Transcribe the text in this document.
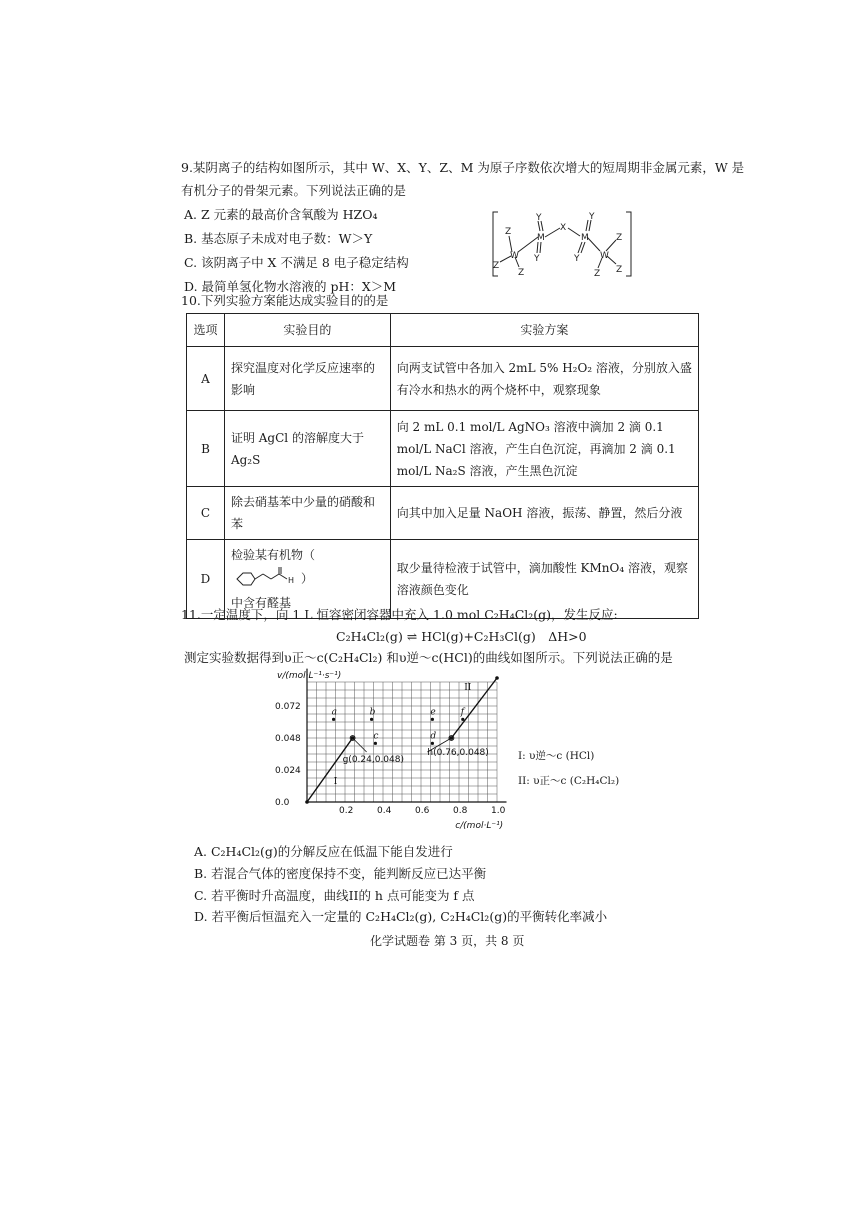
9.某阴离子的结构如图所示，其中 W、X、Y、Z、M 为原子序数依次增大的短周期非金属元素，W 是
有机分子的骨架元素。下列说法正确的是
A. Z 元素的最高价含氧酸为 HZO₄
B. 基态原子未成对电子数：W＞Y
C. 该阴离子中 X 不满足 8 电子稳定结构
D. 最简单氢化物水溶液的 pH：X＞M
W
M
X
M
W
Y
Y
Y
Y
Z
Z
Z
Z
Z
Z
10.下列实验方案能达成实验目的的是
选项	实验目的	实验方案
A	探究温度对化学反应速率的影响	向两支试管中各加入 2mL 5% H₂O₂ 溶液，分别放入盛有冷水和热水的两个烧杯中，观察现象
B	证明 AgCl 的溶解度大于 Ag₂S	向 2 mL 0.1 mol/L AgNO₃ 溶液中滴加 2 滴 0.1 mol/L NaCl 溶液，产生白色沉淀，再滴加 2 滴 0.1 mol/L Na₂S 溶液，产生黑色沉淀
C	除去硝基苯中少量的硝酸和苯	向其中加入足量 NaOH 溶液，振荡、静置，然后分液
D	检验某有机物（
H ）
中含有醛基	取少量待检液于试管中，滴加酸性 KMnO₄ 溶液，观察溶液颜色变化
11.一定温度下，向 1 L 恒容密闭容器中充入 1.0 mol C₂H₄Cl₂(g)，发生反应:
C₂H₄Cl₂(g) ⇌ HCl(g)+C₂H₃Cl(g)　ΔH>0
测定实验数据得到υ正～c(C₂H₄Cl₂) 和υ逆～c(HCl)的曲线如图所示。下列说法正确的是
0.2	0.4	0.6	0.8	1.0
0.0
0.024
0.048
0.072
v/(mol·L⁻¹·s⁻¹)
c/(mol·L⁻¹)
I
II
a	b
c	d
e	f
g(0.24,0.048)
h(0.76,0.048)	I: υ逆～c (HCl)
II: υ正～c (C₂H₄Cl₂)
A. C₂H₄Cl₂(g)的分解反应在低温下能自发进行
B. 若混合气体的密度保持不变，能判断反应已达平衡
C. 若平衡时升高温度，曲线II的 h 点可能变为 f 点
D. 若平衡后恒温充入一定量的 C₂H₄Cl₂(g), C₂H₄Cl₂(g)的平衡转化率减小
化学试题卷 第 3 页，共 8 页
